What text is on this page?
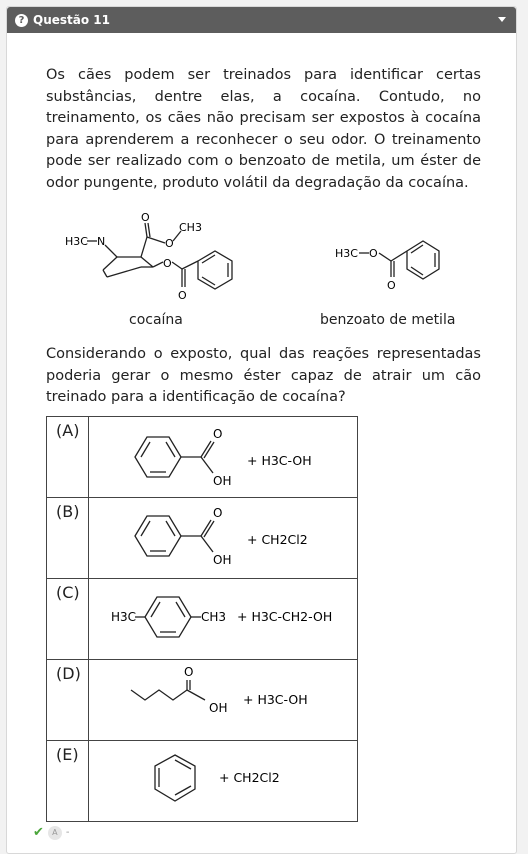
? Questão 11
Os cães podem ser treinados para identificar certas substâncias, dentre elas, a cocaína. Contudo, no treinamento, os cães não precisam ser expostos à cocaína para aprenderem a reconhecer o seu odor. O treinamento pode ser realizado com o benzoato de metila, um éster de odor pungente, produto volátil da degradação da cocaína.
H3C N
O
O
CH3
O
O
H3C O
O
cocaína	benzoato de metila
Considerando o exposto, qual das reações representadas poderia gerar o mesmo éster capaz de atrair um cão treinado para a identificação de cocaína?
(A)	O
OH
+ H3C-OH

(B)	O
OH
+ CH2Cl2

(C)	H3C CH3 + H3C-CH2-OH

(D)	O
OH
+ H3C-OH

(E)	+ CH2Cl2
✔	A -
